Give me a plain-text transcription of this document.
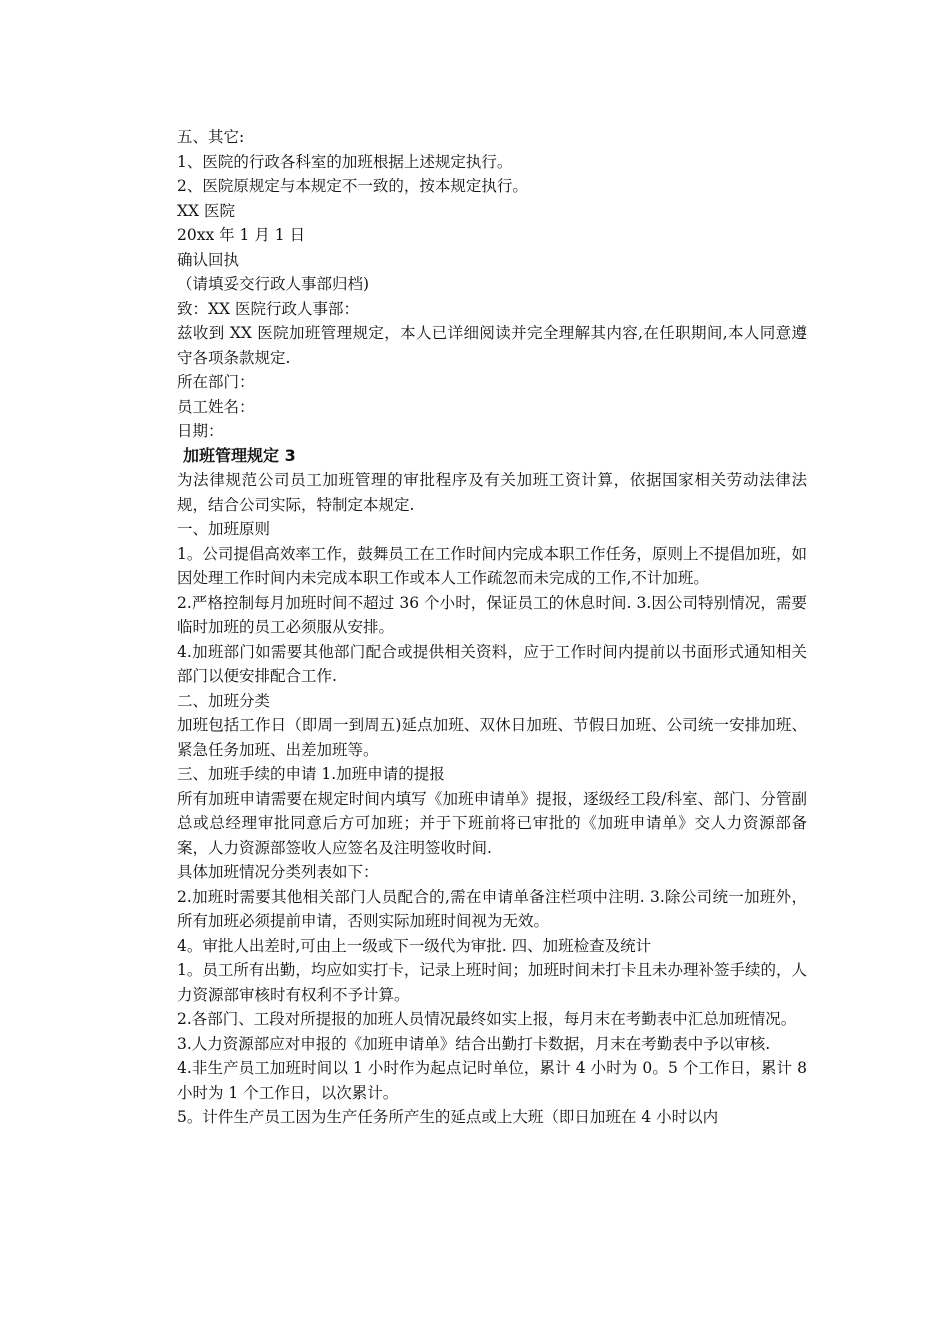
五、其它:
1、医院的行政各科室的加班根据上述规定执行。
2、医院原规定与本规定不一致的，按本规定执行。
XX 医院
20xx 年 1 月 1 日
确认回执
（请填妥交行政人事部归档)
致：XX 医院行政人事部：
兹收到 XX 医院加班管理规定，本人已详细阅读并完全理解其内容,在任职期间,本人同意遵守各项条款规定.
所在部门：
员工姓名：
日期：
加班管理规定 3
为法律规范公司员工加班管理的审批程序及有关加班工资计算，依据国家相关劳动法律法规，结合公司实际，特制定本规定.
一、加班原则
1。公司提倡高效率工作，鼓舞员工在工作时间内完成本职工作任务，原则上不提倡加班，如因处理工作时间内未完成本职工作或本人工作疏忽而未完成的工作,不计加班。
2.严格控制每月加班时间不超过 36 个小时，保证员工的休息时间. 3.因公司特别情况，需要临时加班的员工必须服从安排。
4.加班部门如需要其他部门配合或提供相关资料，应于工作时间内提前以书面形式通知相关部门以便安排配合工作.
二、加班分类
加班包括工作日（即周一到周五)延点加班、双休日加班、节假日加班、公司统一安排加班、紧急任务加班、出差加班等。
三、加班手续的申请 1.加班申请的提报
所有加班申请需要在规定时间内填写《加班申请单》提报，逐级经工段/科室、部门、分管副总或总经理审批同意后方可加班；并于下班前将已审批的《加班申请单》交人力资源部备案，人力资源部签收人应签名及注明签收时间.
具体加班情况分类列表如下：
2.加班时需要其他相关部门人员配合的,需在申请单备注栏项中注明. 3.除公司统一加班外，所有加班必须提前申请，否则实际加班时间视为无效。
4。审批人出差时,可由上一级或下一级代为审批. 四、加班检查及统计
1。员工所有出勤，均应如实打卡，记录上班时间；加班时间未打卡且未办理补签手续的，人力资源部审核时有权利不予计算。
2.各部门、工段对所提报的加班人员情况最终如实上报，每月末在考勤表中汇总加班情况。
3.人力资源部应对申报的《加班申请单》结合出勤打卡数据，月末在考勤表中予以审核.
4.非生产员工加班时间以 1 小时作为起点记时单位，累计 4 小时为 0。5 个工作日，累计 8 小时为 1 个工作日，以次累计。
5。计件生产员工因为生产任务所产生的延点或上大班（即日加班在 4 小时以内
